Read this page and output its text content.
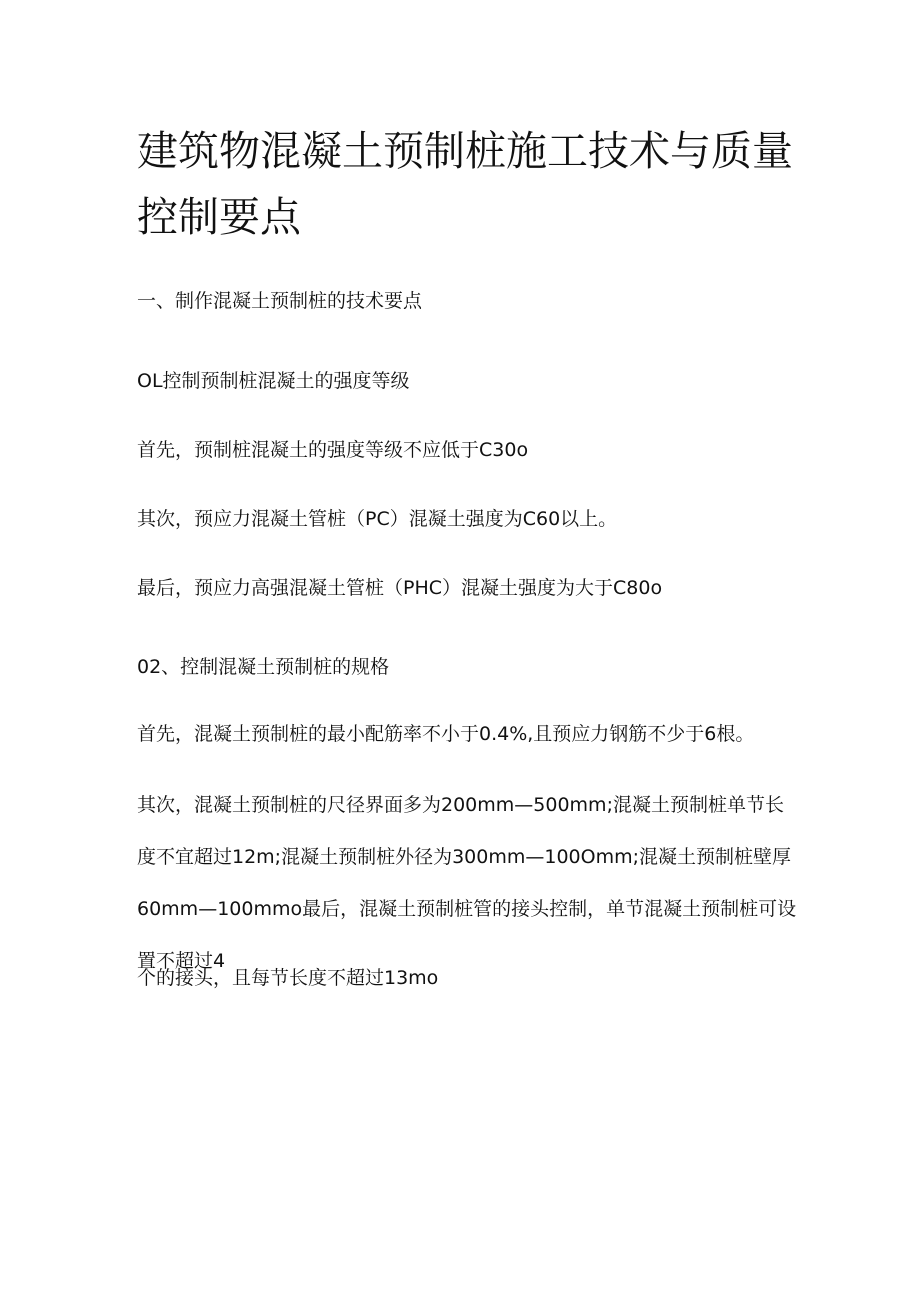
建筑物混凝土预制桩施工技术与质量控制要点

一、制作混凝土预制桩的技术要点

OL控制预制桩混凝土的强度等级

首先，预制桩混凝土的强度等级不应低于C30o

其次，预应力混凝土管桩（PC）混凝土强度为C60以上。

最后，预应力高强混凝土管桩（PHC）混凝土强度为大于C80o

02、控制混凝土预制桩的规格

首先，混凝土预制桩的最小配筋率不小于0.4%,且预应力钢筋不少于6根。

其次，混凝土预制桩的尺径界面多为200mm—500mm;混凝土预制桩单节长度不宜超过12m;混凝土预制桩外径为300mm—100Omm;混凝土预制桩壁厚60mm—100mmo最后，混凝土预制桩管的接头控制，单节混凝土预制桩可设置不超过4

个的接头，且每节长度不超过13mo
